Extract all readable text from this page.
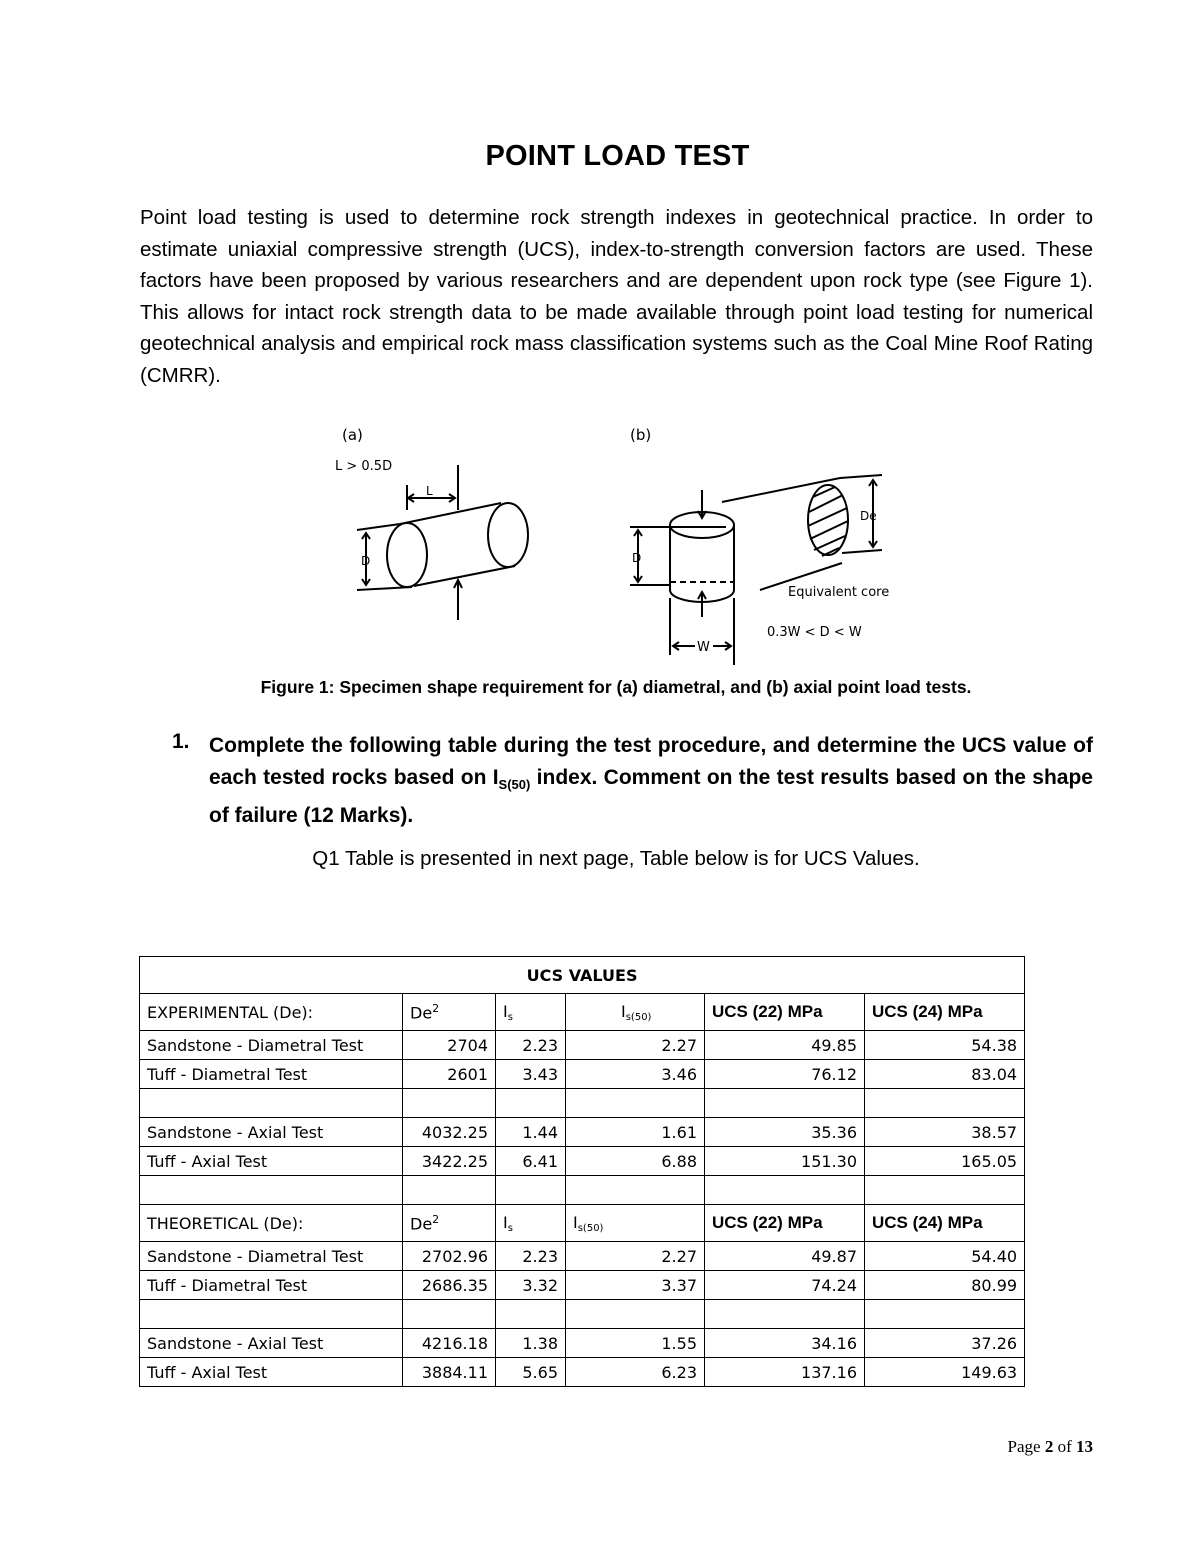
POINT LOAD TEST
Point load testing is used to determine rock strength indexes in geotechnical practice. In order to estimate uniaxial compressive strength (UCS), index-to-strength conversion factors are used. These factors have been proposed by various researchers and are dependent upon rock type (see Figure 1). This allows for intact rock strength data to be made available through point load testing for numerical geotechnical analysis and empirical rock mass classification systems such as the Coal Mine Roof Rating (CMRR).
(a)
L > 0.5D
L
D
(b)
D
W
De
Equivalent core
0.3W < D < W
Figure 1: Specimen shape requirement for (a) diametral, and (b) axial point load tests.
1. Complete the following table during the test procedure, and determine the UCS value of each tested rocks based on $I_{S(50)}$ index. Comment on the test results based on the shape of failure (12 Marks).
Q1 Table is presented in next page, Table below is for UCS Values.
UCS VALUES					
EXPERIMENTAL (De):	De$^2$	$I_s$	$I_{s(50)}$	UCS (22) MPa	UCS (24) MPa
Sandstone - Diametral Test	2704	2.23	2.27	49.85	54.38
Tuff - Diametral Test	2601	3.43	3.46	76.12	83.04

Sandstone - Axial Test	4032.25	1.44	1.61	35.36	38.57
Tuff - Axial Test	3422.25	6.41	6.88	151.30	165.05

THEORETICAL (De):	De$^2$	$I_s$	$I_{s(50)}$	UCS (22) MPa	UCS (24) MPa
Sandstone - Diametral Test	2702.96	2.23	2.27	49.87	54.40
Tuff - Diametral Test	2686.35	3.32	3.37	74.24	80.99

Sandstone - Axial Test	4216.18	1.38	1.55	34.16	37.26
Tuff - Axial Test	3884.11	5.65	6.23	137.16	149.63
Page 2 of 13
